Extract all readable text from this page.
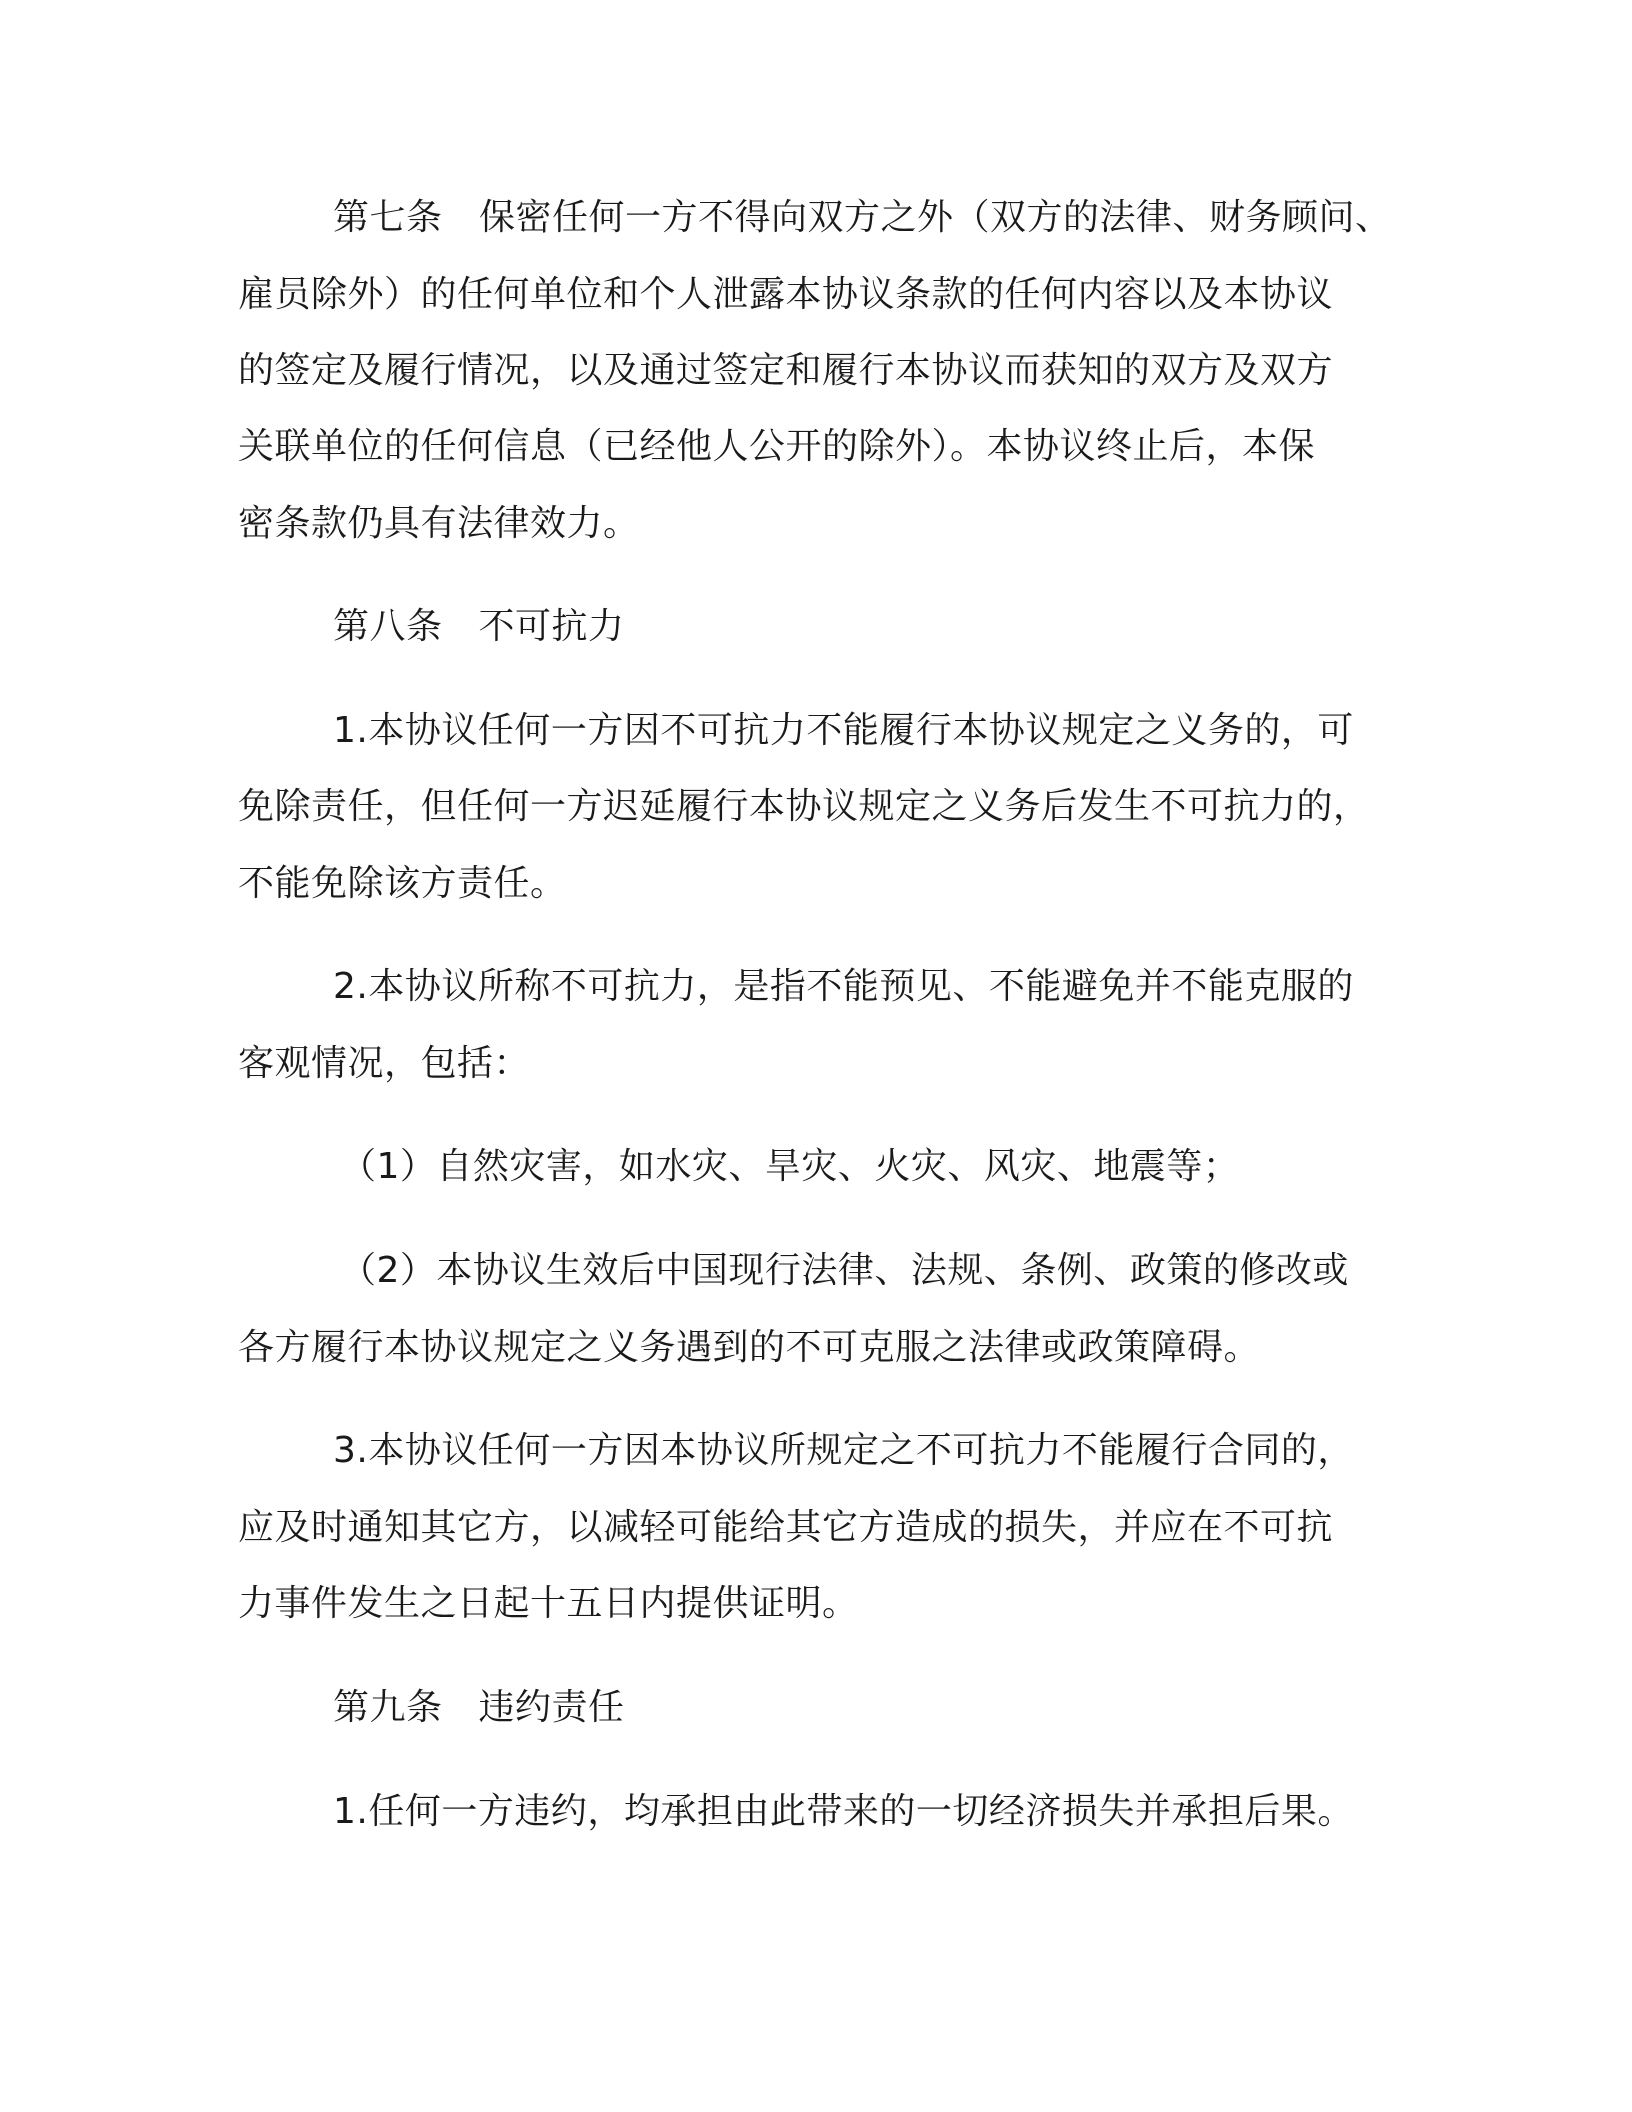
第七条　保密任何一方不得向双方之外（双方的法律、财务顾问、
雇员除外）的任何单位和个人泄露本协议条款的任何内容以及本协议
的签定及履行情况，以及通过签定和履行本协议而获知的双方及双方
关联单位的任何信息（已经他人公开的除外）。本协议终止后，本保
密条款仍具有法律效力。
第八条 不可抗力
1.本协议任何一方因不可抗力不能履行本协议规定之义务的，可
免除责任，但任何一方迟延履行本协议规定之义务后发生不可抗力的，
不能免除该方责任。
2.本协议所称不可抗力，是指不能预见、不能避免并不能克服的
客观情况，包括：
（1）自然灾害，如水灾、旱灾、火灾、风灾、地震等；
（2）本协议生效后中国现行法律、法规、条例、政策的修改或
各方履行本协议规定之义务遇到的不可克服之法律或政策障碍。
3.本协议任何一方因本协议所规定之不可抗力不能履行合同的，
应及时通知其它方，以减轻可能给其它方造成的损失，并应在不可抗
力事件发生之日起十五日内提供证明。
第九条 违约责任
1.任何一方违约，均承担由此带来的一切经济损失并承担后果。
